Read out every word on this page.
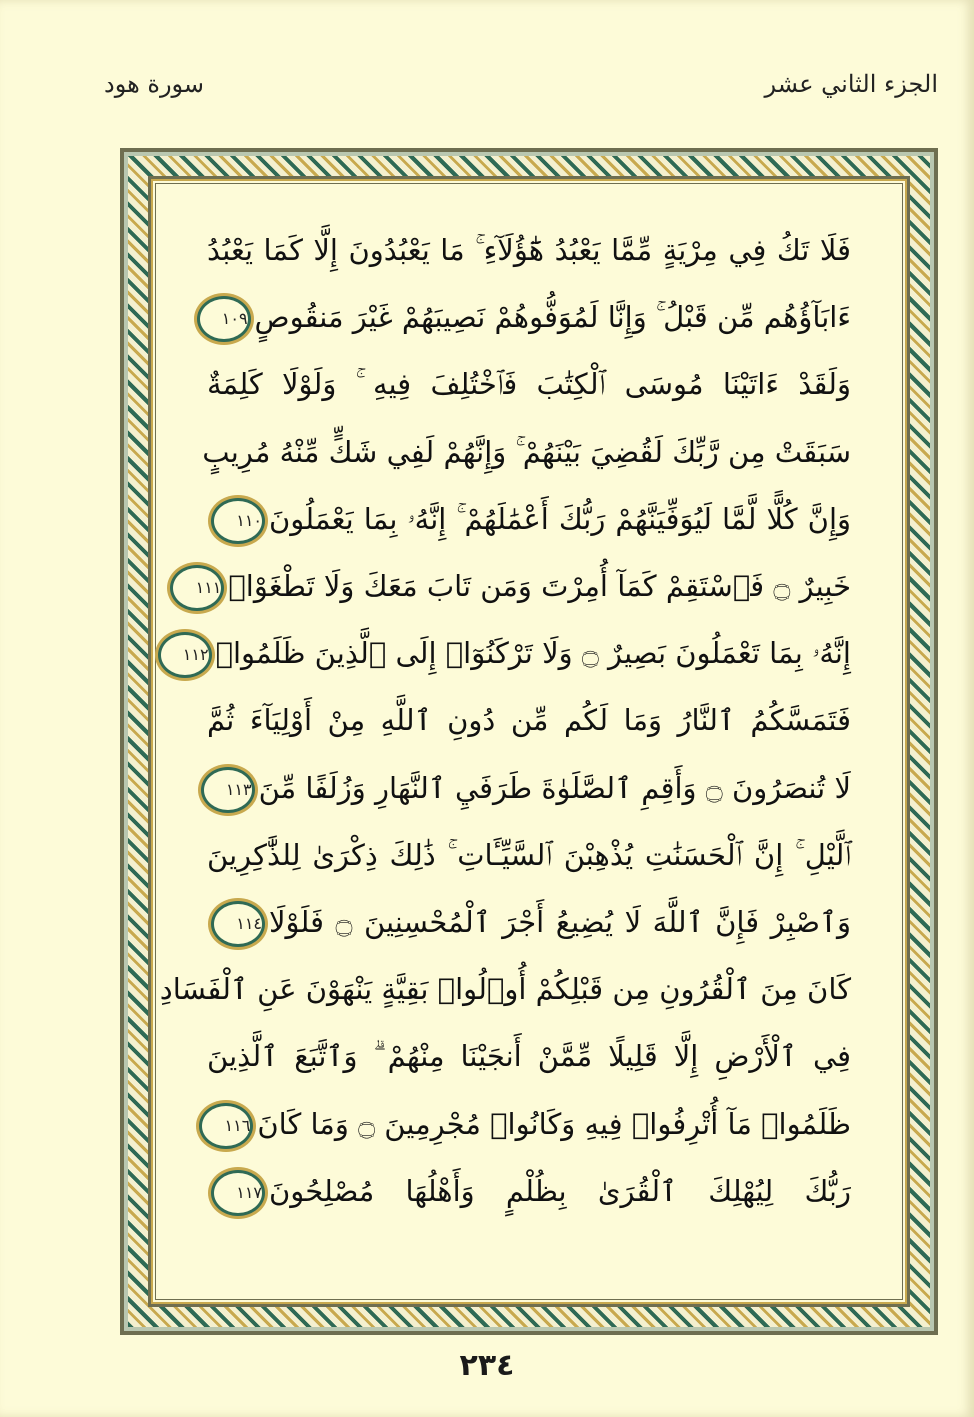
الجزء الثاني عشر
سورة هود
فَلَا تَكُ فِي مِرْيَةٍ مِّمَّا يَعْبُدُ هَٰٓؤُلَآءِ ۚ مَا يَعْبُدُونَ إِلَّا كَمَا يَعْبُدُ
ءَابَآؤُهُم مِّن قَبْلُ ۚ وَإِنَّا لَمُوَفُّوهُمْ نَصِيبَهُمْ غَيْرَ مَنقُوصٍ١٠٩
وَلَقَدْ ءَاتَيْنَا مُوسَى ٱلْكِتَٰبَ فَٱخْتُلِفَ فِيهِ ۚ وَلَوْلَا كَلِمَةٌ
سَبَقَتْ مِن رَّبِّكَ لَقُضِيَ بَيْنَهُمْ ۚ وَإِنَّهُمْ لَفِي شَكٍّ مِّنْهُ مُرِيبٍ
وَإِنَّ كُلًّا لَّمَّا لَيُوَفِّيَنَّهُمْ رَبُّكَ أَعْمَٰلَهُمْ ۚ إِنَّهُۥ بِمَا يَعْمَلُونَ١١٠
خَبِيرٌ ۝ فَٱسْتَقِمْ كَمَآ أُمِرْتَ وَمَن تَابَ مَعَكَ وَلَا تَطْغَوْا۟١١١
إِنَّهُۥ بِمَا تَعْمَلُونَ بَصِيرٌ ۝ وَلَا تَرْكَنُوٓا۟ إِلَى ٱلَّذِينَ ظَلَمُوا۟١١٢
فَتَمَسَّكُمُ ٱلنَّارُ وَمَا لَكُم مِّن دُونِ ٱللَّهِ مِنْ أَوْلِيَآءَ ثُمَّ
لَا تُنصَرُونَ ۝ وَأَقِمِ ٱلصَّلَوٰةَ طَرَفَيِ ٱلنَّهَارِ وَزُلَفًا مِّنَ١١٣
ٱلَّيْلِ ۚ إِنَّ ٱلْحَسَنَٰتِ يُذْهِبْنَ ٱلسَّيِّـَٔاتِ ۚ ذَٰلِكَ ذِكْرَىٰ لِلذَّٰكِرِينَ
وَٱصْبِرْ فَإِنَّ ٱللَّهَ لَا يُضِيعُ أَجْرَ ٱلْمُحْسِنِينَ ۝ فَلَوْلَا١١٤
كَانَ مِنَ ٱلْقُرُونِ مِن قَبْلِكُمْ أُو۟لُوا۟ بَقِيَّةٍ يَنْهَوْنَ عَنِ ٱلْفَسَادِ
فِي ٱلْأَرْضِ إِلَّا قَلِيلًا مِّمَّنْ أَنجَيْنَا مِنْهُمْ ۗ وَٱتَّبَعَ ٱلَّذِينَ
ظَلَمُوا۟ مَآ أُتْرِفُوا۟ فِيهِ وَكَانُوا۟ مُجْرِمِينَ ۝ وَمَا كَانَ١١٦
رَبُّكَ لِيُهْلِكَ ٱلْقُرَىٰ بِظُلْمٍ وَأَهْلُهَا مُصْلِحُونَ١١٧
٢٣٤
